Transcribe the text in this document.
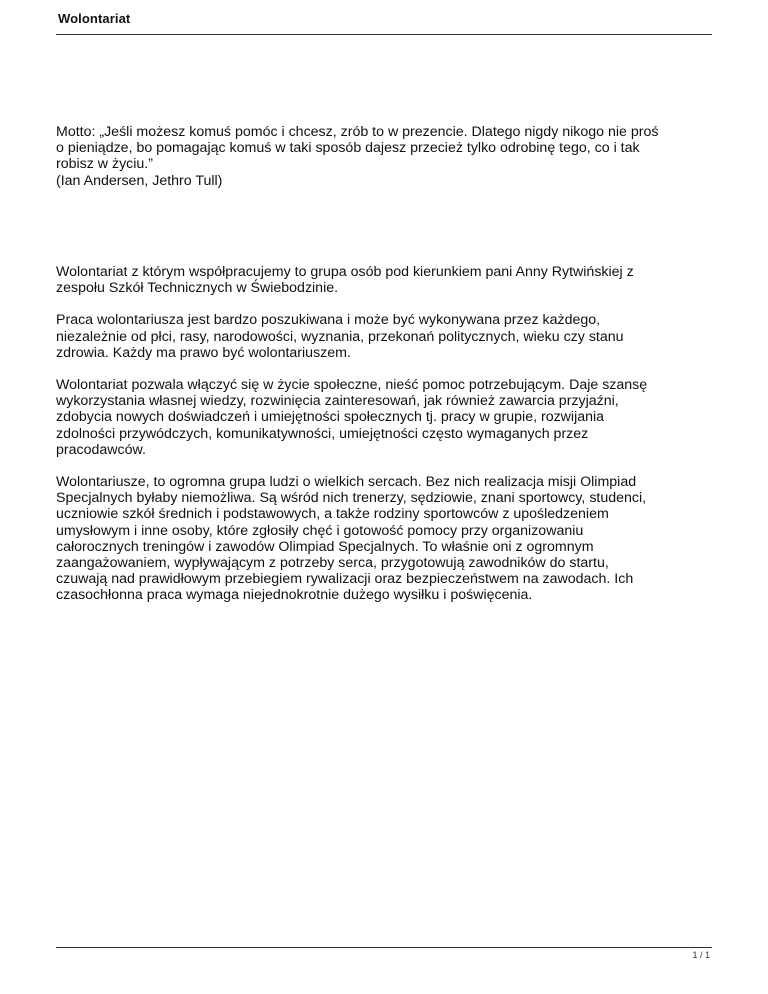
Wolontariat

Motto: „Jeśli możesz komuś pomóc i chcesz, zrób to w prezencie. Dlatego nigdy nikogo nie proś
o pieniądze, bo pomagając komuś w taki sposób dajesz przecież tylko odrobinę tego, co i tak
robisz w życiu.”
(Ian Andersen, Jethro Tull)

Wolontariat z którym współpracujemy to grupa osób pod kierunkiem pani Anny Rytwińskiej z
zespołu Szkół Technicznych w Świebodzinie.

Praca wolontariusza jest bardzo poszukiwana i może być wykonywana przez każdego,
niezależnie od płci, rasy, narodowości, wyznania, przekonań politycznych, wieku czy stanu
zdrowia. Każdy ma prawo być wolontariuszem.

Wolontariat pozwala włączyć się w życie społeczne, nieść pomoc potrzebującym. Daje szansę
wykorzystania własnej wiedzy, rozwinięcia zainteresowań, jak również zawarcia przyjaźni,
zdobycia nowych doświadczeń i umiejętności społecznych tj. pracy w grupie, rozwijania
zdolności przywódczych, komunikatywności, umiejętności często wymaganych przez
pracodawców.

Wolontariusze, to ogromna grupa ludzi o wielkich sercach. Bez nich realizacja misji Olimpiad
Specjalnych byłaby niemożliwa. Są wśród nich trenerzy, sędziowie, znani sportowcy, studenci,
uczniowie szkół średnich i podstawowych, a także rodziny sportowców z upośledzeniem
umysłowym i inne osoby, które zgłosiły chęć i gotowość pomocy przy organizowaniu
całorocznych treningów i zawodów Olimpiad Specjalnych. To właśnie oni z ogromnym
zaangażowaniem, wypływającym z potrzeby serca, przygotowują zawodników do startu,
czuwają nad prawidłowym przebiegiem rywalizacji oraz bezpieczeństwem na zawodach. Ich
czasochłonna praca wymaga niejednokrotnie dużego wysiłku i poświęcenia.

1 / 1
